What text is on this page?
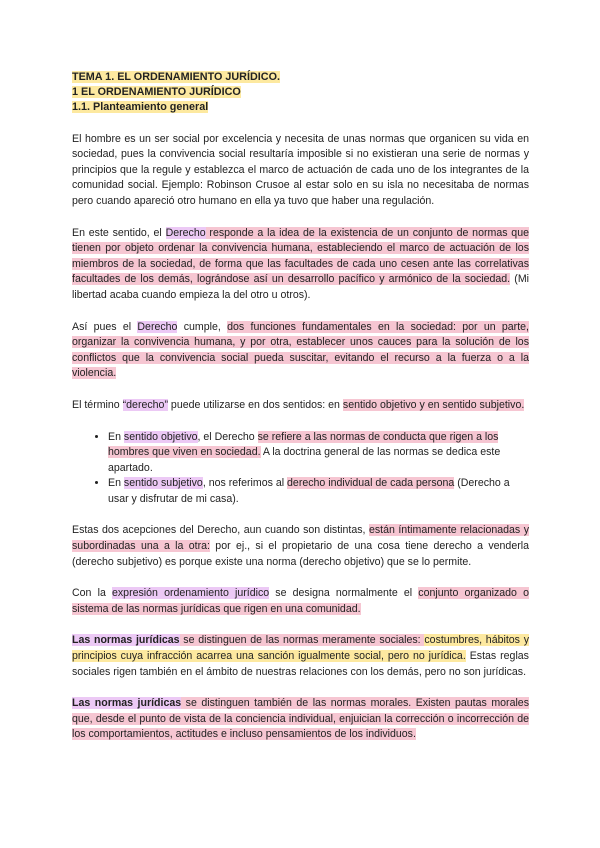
TEMA 1. EL ORDENAMIENTO JURÍDICO.
1 EL ORDENAMIENTO JURÍDICO
1.1. Planteamiento general

El hombre es un ser social por excelencia y necesita de unas normas que organicen su vida en sociedad, pues la convivencia social resultaría imposible si no existieran una serie de normas y principios que la regule y establezca el marco de actuación de cada uno de los integrantes de la comunidad social. Ejemplo: Robinson Crusoe al estar solo en su isla no necesitaba de normas pero cuando apareció otro humano en ella ya tuvo que haber una regulación.

En este sentido, el Derecho responde a la idea de la existencia de un conjunto de normas que tienen por objeto ordenar la convivencia humana, estableciendo el marco de actuación de los miembros de la sociedad, de forma que las facultades de cada uno cesen ante las correlativas facultades de los demás, lográndose así un desarrollo pacífico y armónico de la sociedad. (Mi libertad acaba cuando empieza la del otro u otros).

Así pues el Derecho cumple, dos funciones fundamentales en la sociedad: por un parte, organizar la convivencia humana, y por otra, establecer unos cauces para la solución de los conflictos que la convivencia social pueda suscitar, evitando el recurso a la fuerza o a la violencia.

El término “derecho” puede utilizarse en dos sentidos: en sentido objetivo y en sentido subjetivo.

• En sentido objetivo, el Derecho se refiere a las normas de conducta que rigen a los hombres que viven en sociedad. A la doctrina general de las normas se dedica este apartado.
• En sentido subjetivo, nos referimos al derecho individual de cada persona (Derecho a usar y disfrutar de mi casa).

Estas dos acepciones del Derecho, aun cuando son distintas, están íntimamente relacionadas y subordinadas una a la otra: por ej., si el propietario de una cosa tiene derecho a venderla (derecho subjetivo) es porque existe una norma (derecho objetivo) que se lo permite.

Con la expresión ordenamiento jurídico se designa normalmente el conjunto organizado o sistema de las normas jurídicas que rigen en una comunidad.

Las normas jurídicas se distinguen de las normas meramente sociales: costumbres, hábitos y principios cuya infracción acarrea una sanción igualmente social, pero no jurídica. Estas reglas sociales rigen también en el ámbito de nuestras relaciones con los demás, pero no son jurídicas.

Las normas jurídicas se distinguen también de las normas morales. Existen pautas morales que, desde el punto de vista de la conciencia individual, enjuician la corrección o incorrección de los comportamientos, actitudes e incluso pensamientos de los individuos.
